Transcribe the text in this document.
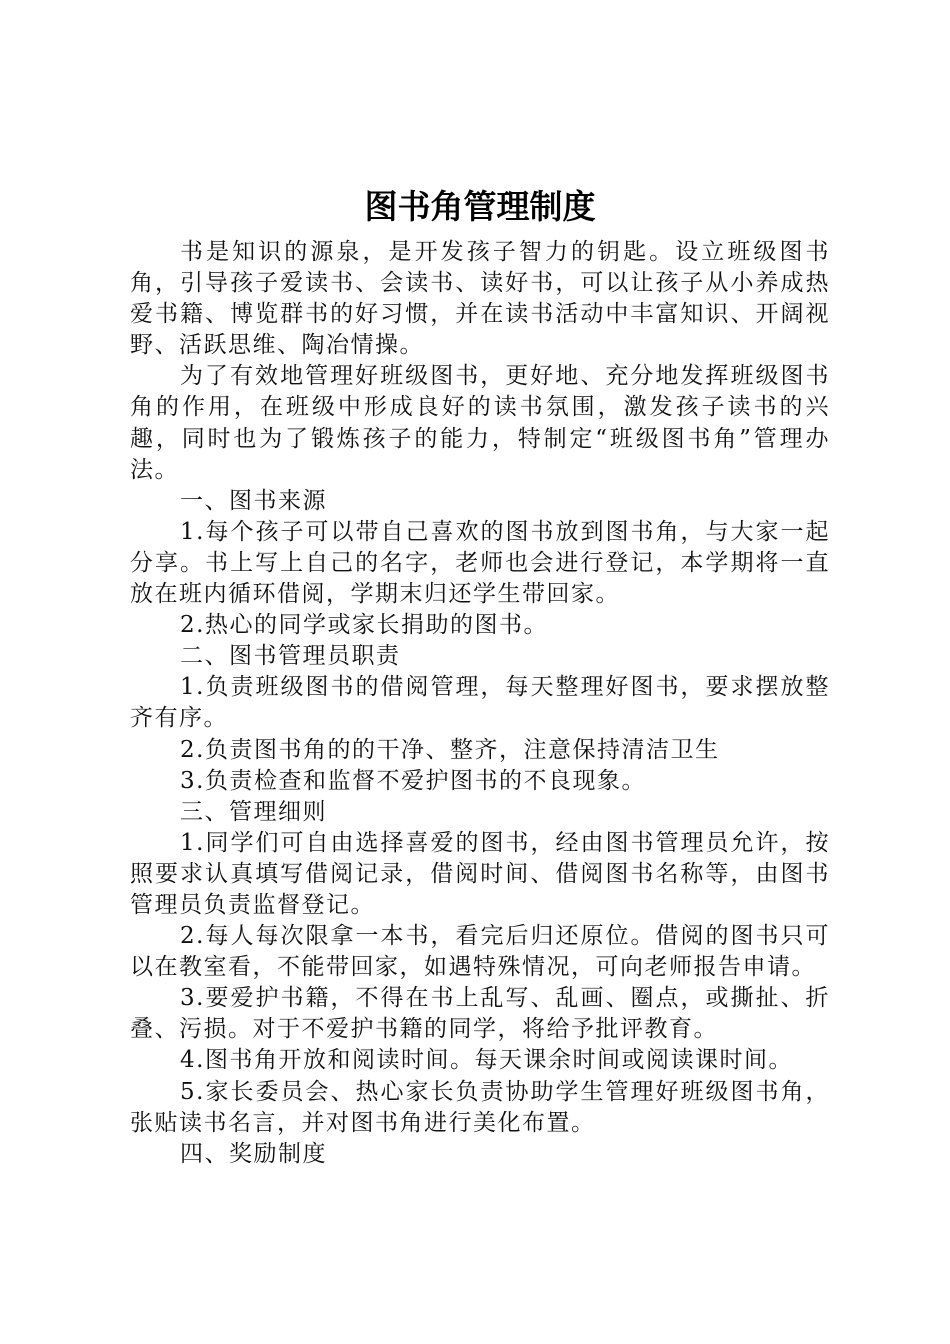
图书角管理制度

书是知识的源泉，是开发孩子智力的钥匙。设立班级图书角，引导孩子爱读书、会读书、读好书，可以让孩子从小养成热爱书籍、博览群书的好习惯，并在读书活动中丰富知识、开阔视野、活跃思维、陶冶情操。

为了有效地管理好班级图书，更好地、充分地发挥班级图书角的作用，在班级中形成良好的读书氛围，激发孩子读书的兴趣，同时也为了锻炼孩子的能力，特制定“班级图书角”管理办法。

一、图书来源

1.每个孩子可以带自己喜欢的图书放到图书角，与大家一起分享。书上写上自己的名字，老师也会进行登记，本学期将一直放在班内循环借阅，学期末归还学生带回家。

2.热心的同学或家长捐助的图书。

二、图书管理员职责

1.负责班级图书的借阅管理，每天整理好图书，要求摆放整齐有序。

2.负责图书角的的干净、整齐，注意保持清洁卫生

3.负责检查和监督不爱护图书的不良现象。

三、管理细则

1.同学们可自由选择喜爱的图书，经由图书管理员允许，按照要求认真填写借阅记录，借阅时间、借阅图书名称等，由图书管理员负责监督登记。

2.每人每次限拿一本书，看完后归还原位。借阅的图书只可以在教室看，不能带回家，如遇特殊情况，可向老师报告申请。

3.要爱护书籍，不得在书上乱写、乱画、圈点，或撕扯、折叠、污损。对于不爱护书籍的同学，将给予批评教育。

4.图书角开放和阅读时间。每天课余时间或阅读课时间。

5.家长委员会、热心家长负责协助学生管理好班级图书角，张贴读书名言，并对图书角进行美化布置。

四、奖励制度
